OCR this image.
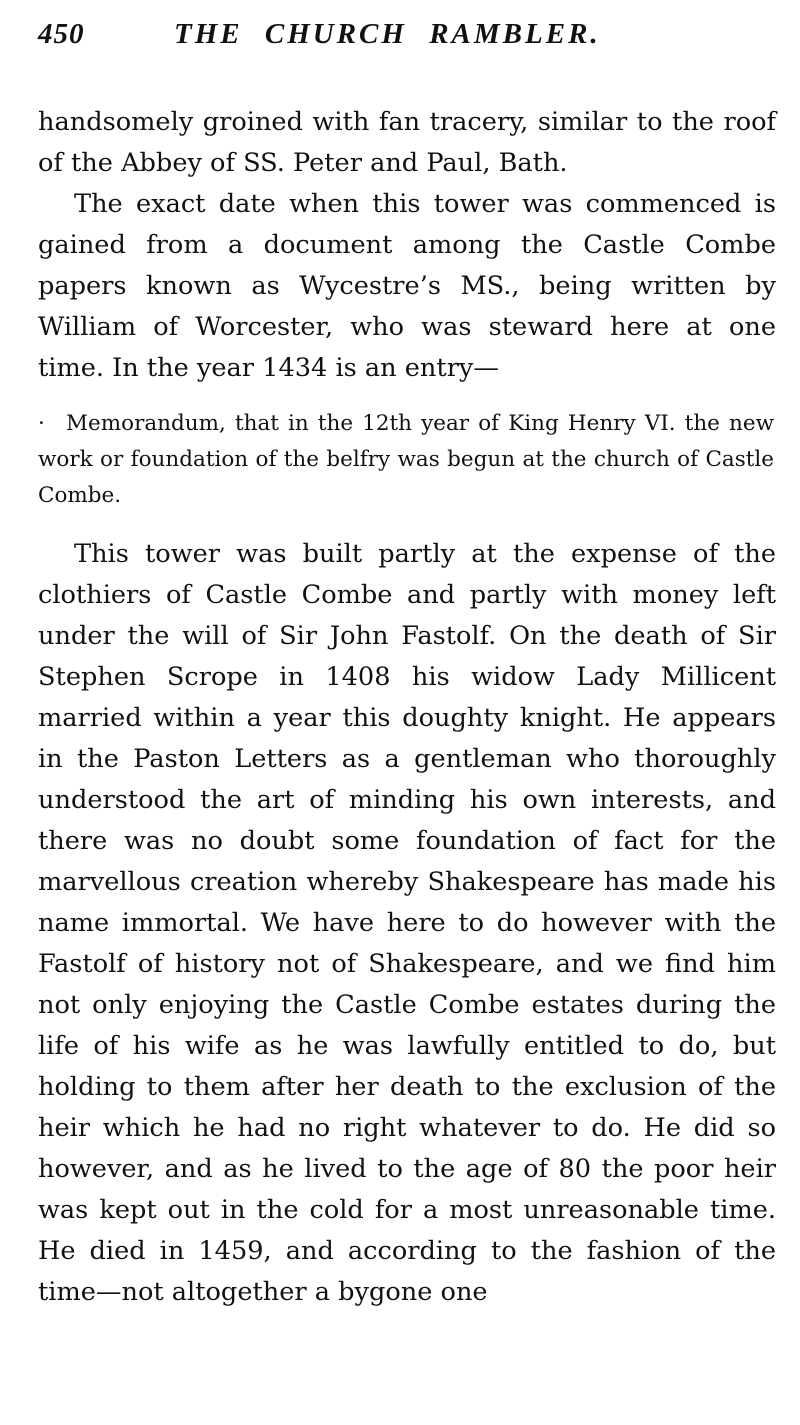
450	THE CHURCH RAMBLER.

handsomely groined with fan tracery, similar to the roof of the Abbey of SS. Peter and Paul, Bath.

The exact date when this tower was commenced is gained from a document among the Castle Combe papers known as Wycestre’s MS., being written by William of Worcester, who was steward here at one time. In the year 1434 is an entry—

· Memorandum, that in the 12th year of King Henry VI. the new work or foundation of the belfry was begun at the church of Castle Combe.

This tower was built partly at the expense of the clothiers of Castle Combe and partly with money left under the will of Sir John Fastolf. On the death of Sir Stephen Scrope in 1408 his widow Lady Millicent married within a year this doughty knight. He appears in the Paston Letters as a gentleman who thoroughly understood the art of minding his own interests, and there was no doubt some foundation of fact for the marvellous creation whereby Shakespeare has made his name immortal. We have here to do however with the Fastolf of history not of Shakespeare, and we find him not only enjoying the Castle Combe estates during the life of his wife as he was lawfully entitled to do, but holding to them after her death to the exclusion of the heir which he had no right whatever to do. He did so however, and as he lived to the age of 80 the poor heir was kept out in the cold for a most unreasonable time. He died in 1459, and according to the fashion of the time—not altogether a bygone one
